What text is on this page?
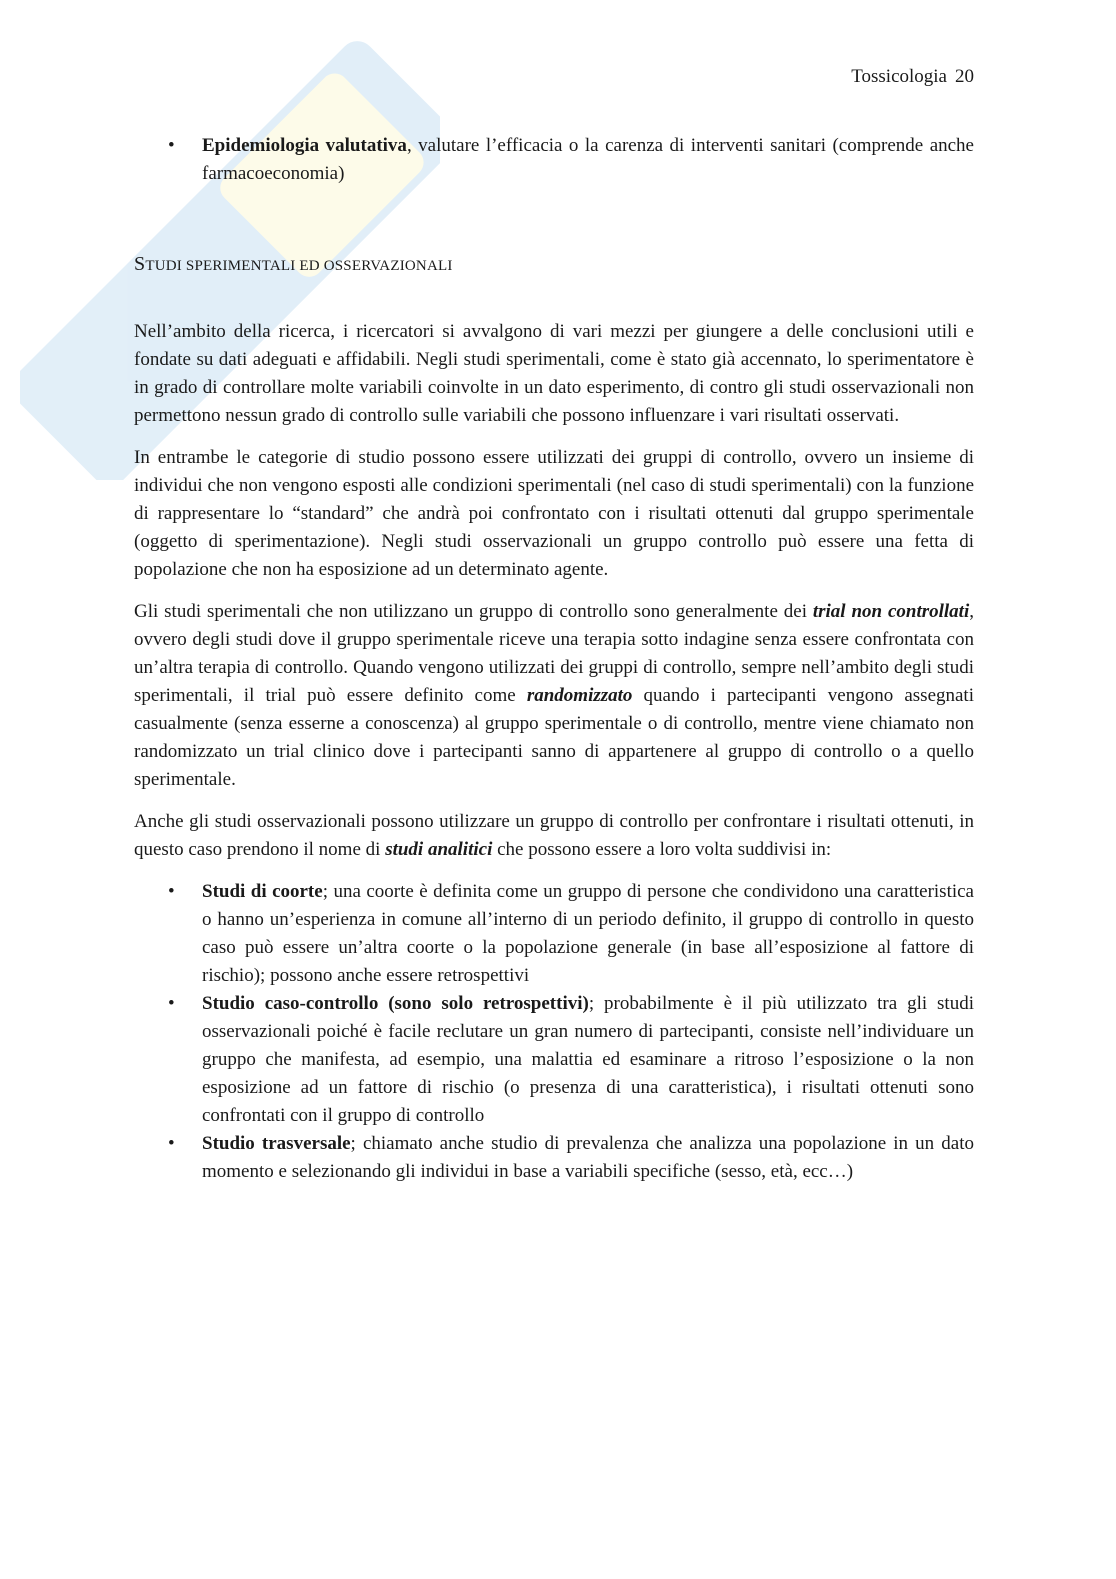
Tossicologia 20
• Epidemiologia valutativa, valutare l’efficacia o la carenza di interventi sanitari (comprende anche farmacoeconomia)
STUDI SPERIMENTALI ED OSSERVAZIONALI

Nell’ambito della ricerca, i ricercatori si avvalgono di vari mezzi per giungere a delle conclusioni utili e fondate su dati adeguati e affidabili. Negli studi sperimentali, come è stato già accennato, lo sperimentatore è in grado di controllare molte variabili coinvolte in un dato esperimento, di contro gli studi osservazionali non permettono nessun grado di controllo sulle variabili che possono influenzare i vari risultati osservati.

In entrambe le categorie di studio possono essere utilizzati dei gruppi di controllo, ovvero un insieme di individui che non vengono esposti alle condizioni sperimentali (nel caso di studi sperimentali) con la funzione di rappresentare lo “standard” che andrà poi confrontato con i risultati ottenuti dal gruppo sperimentale (oggetto di sperimentazione). Negli studi osservazionali un gruppo controllo può essere una fetta di popolazione che non ha esposizione ad un determinato agente.

Gli studi sperimentali che non utilizzano un gruppo di controllo sono generalmente dei trial non controllati, ovvero degli studi dove il gruppo sperimentale riceve una terapia sotto indagine senza essere confrontata con un’altra terapia di controllo. Quando vengono utilizzati dei gruppi di controllo, sempre nell’ambito degli studi sperimentali, il trial può essere definito come randomizzato quando i partecipanti vengono assegnati casualmente (senza esserne a conoscenza) al gruppo sperimentale o di controllo, mentre viene chiamato non randomizzato un trial clinico dove i partecipanti sanno di appartenere al gruppo di controllo o a quello sperimentale.

Anche gli studi osservazionali possono utilizzare un gruppo di controllo per confrontare i risultati ottenuti, in questo caso prendono il nome di studi analitici che possono essere a loro volta suddivisi in:

• Studi di coorte; una coorte è definita come un gruppo di persone che condividono una caratteristica o hanno un’esperienza in comune all’interno di un periodo definito, il gruppo di controllo in questo caso può essere un’altra coorte o la popolazione generale (in base all’esposizione al fattore di rischio); possono anche essere retrospettivi
• Studio caso-controllo (sono solo retrospettivi); probabilmente è il più utilizzato tra gli studi osservazionali poiché è facile reclutare un gran numero di partecipanti, consiste nell’individuare un gruppo che manifesta, ad esempio, una malattia ed esaminare a ritroso l’esposizione o la non esposizione ad un fattore di rischio (o presenza di una caratteristica), i risultati ottenuti sono confrontati con il gruppo di controllo
• Studio trasversale; chiamato anche studio di prevalenza che analizza una popolazione in un dato momento e selezionando gli individui in base a variabili specifiche (sesso, età, ecc…)
